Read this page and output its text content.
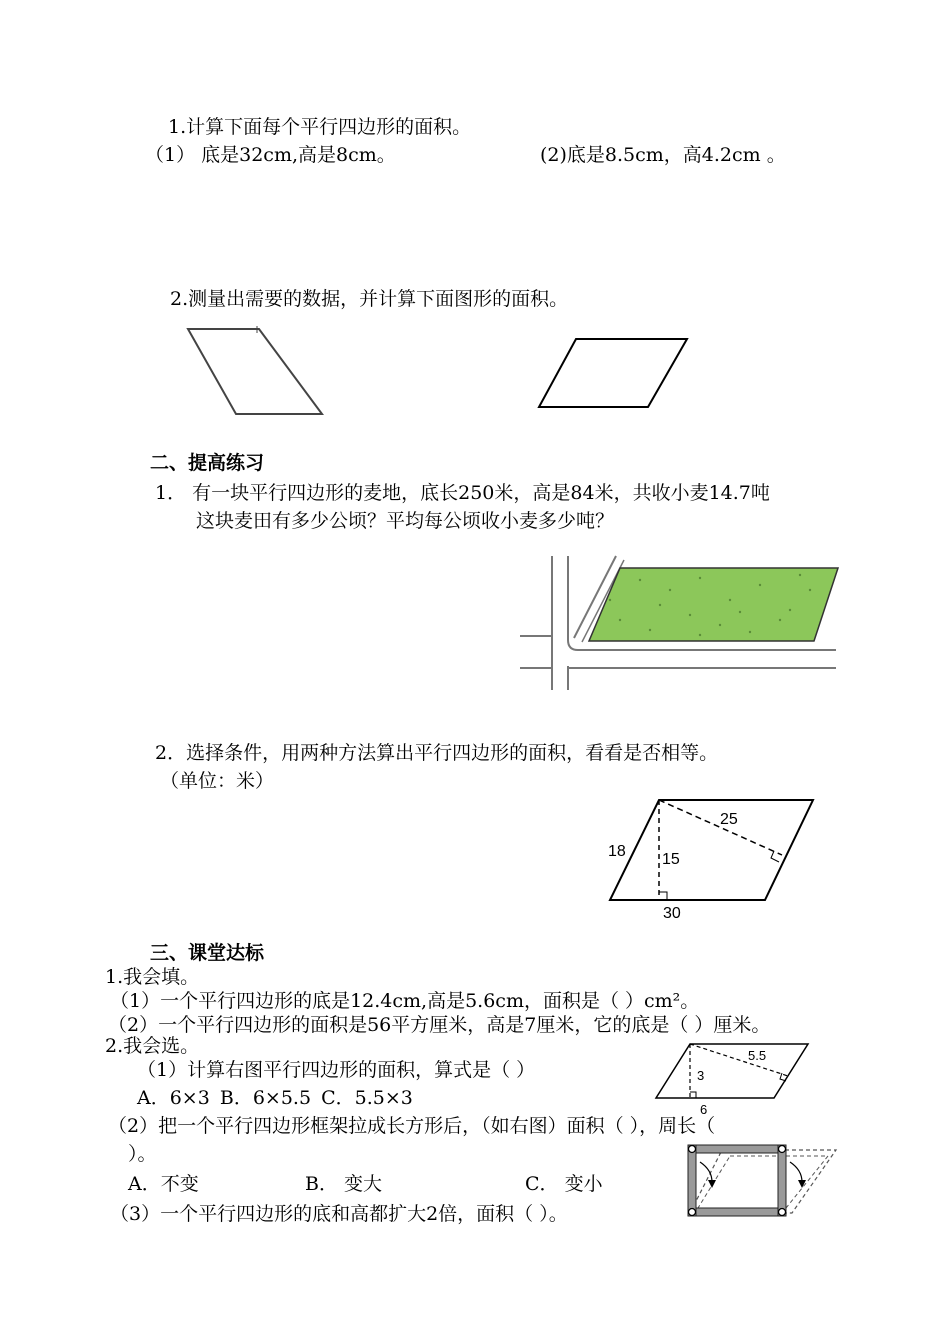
1.计算下面每个平行四边形的面积。
（1） 底是32cm,高是8cm。	(2)底是8.5cm，高4.2cm 。
2.测量出需要的数据，并计算下面图形的面积。
二、提高练习
1． 有一块平行四边形的麦地，底长250米，高是84米，共收小麦14.7吨
这块麦田有多少公顷？平均每公顷收小麦多少吨？
2．选择条件，用两种方法算出平行四边形的面积，看看是否相等。
（单位：米）
18
25
15
30
三、课堂达标
1.我会填。
（1）一个平行四边形的底是12.4cm,高是5.6cm，面积是（ ）cm²。
（2）一个平行四边形的面积是56平方厘米，高是7厘米，它的底是（ ）厘米。
2.我会选。
（1）计算右图平行四边形的面积，算式是（ ）
A．6×3 B．6×5.5 C．5.5×3
5.5
3
6
（2）把一个平行四边形框架拉成长方形后，（如右图）面积（ ），周长（
）。
A．不变	B． 变大	C． 变小
（3）一个平行四边形的底和高都扩大2倍，面积（ ）。
